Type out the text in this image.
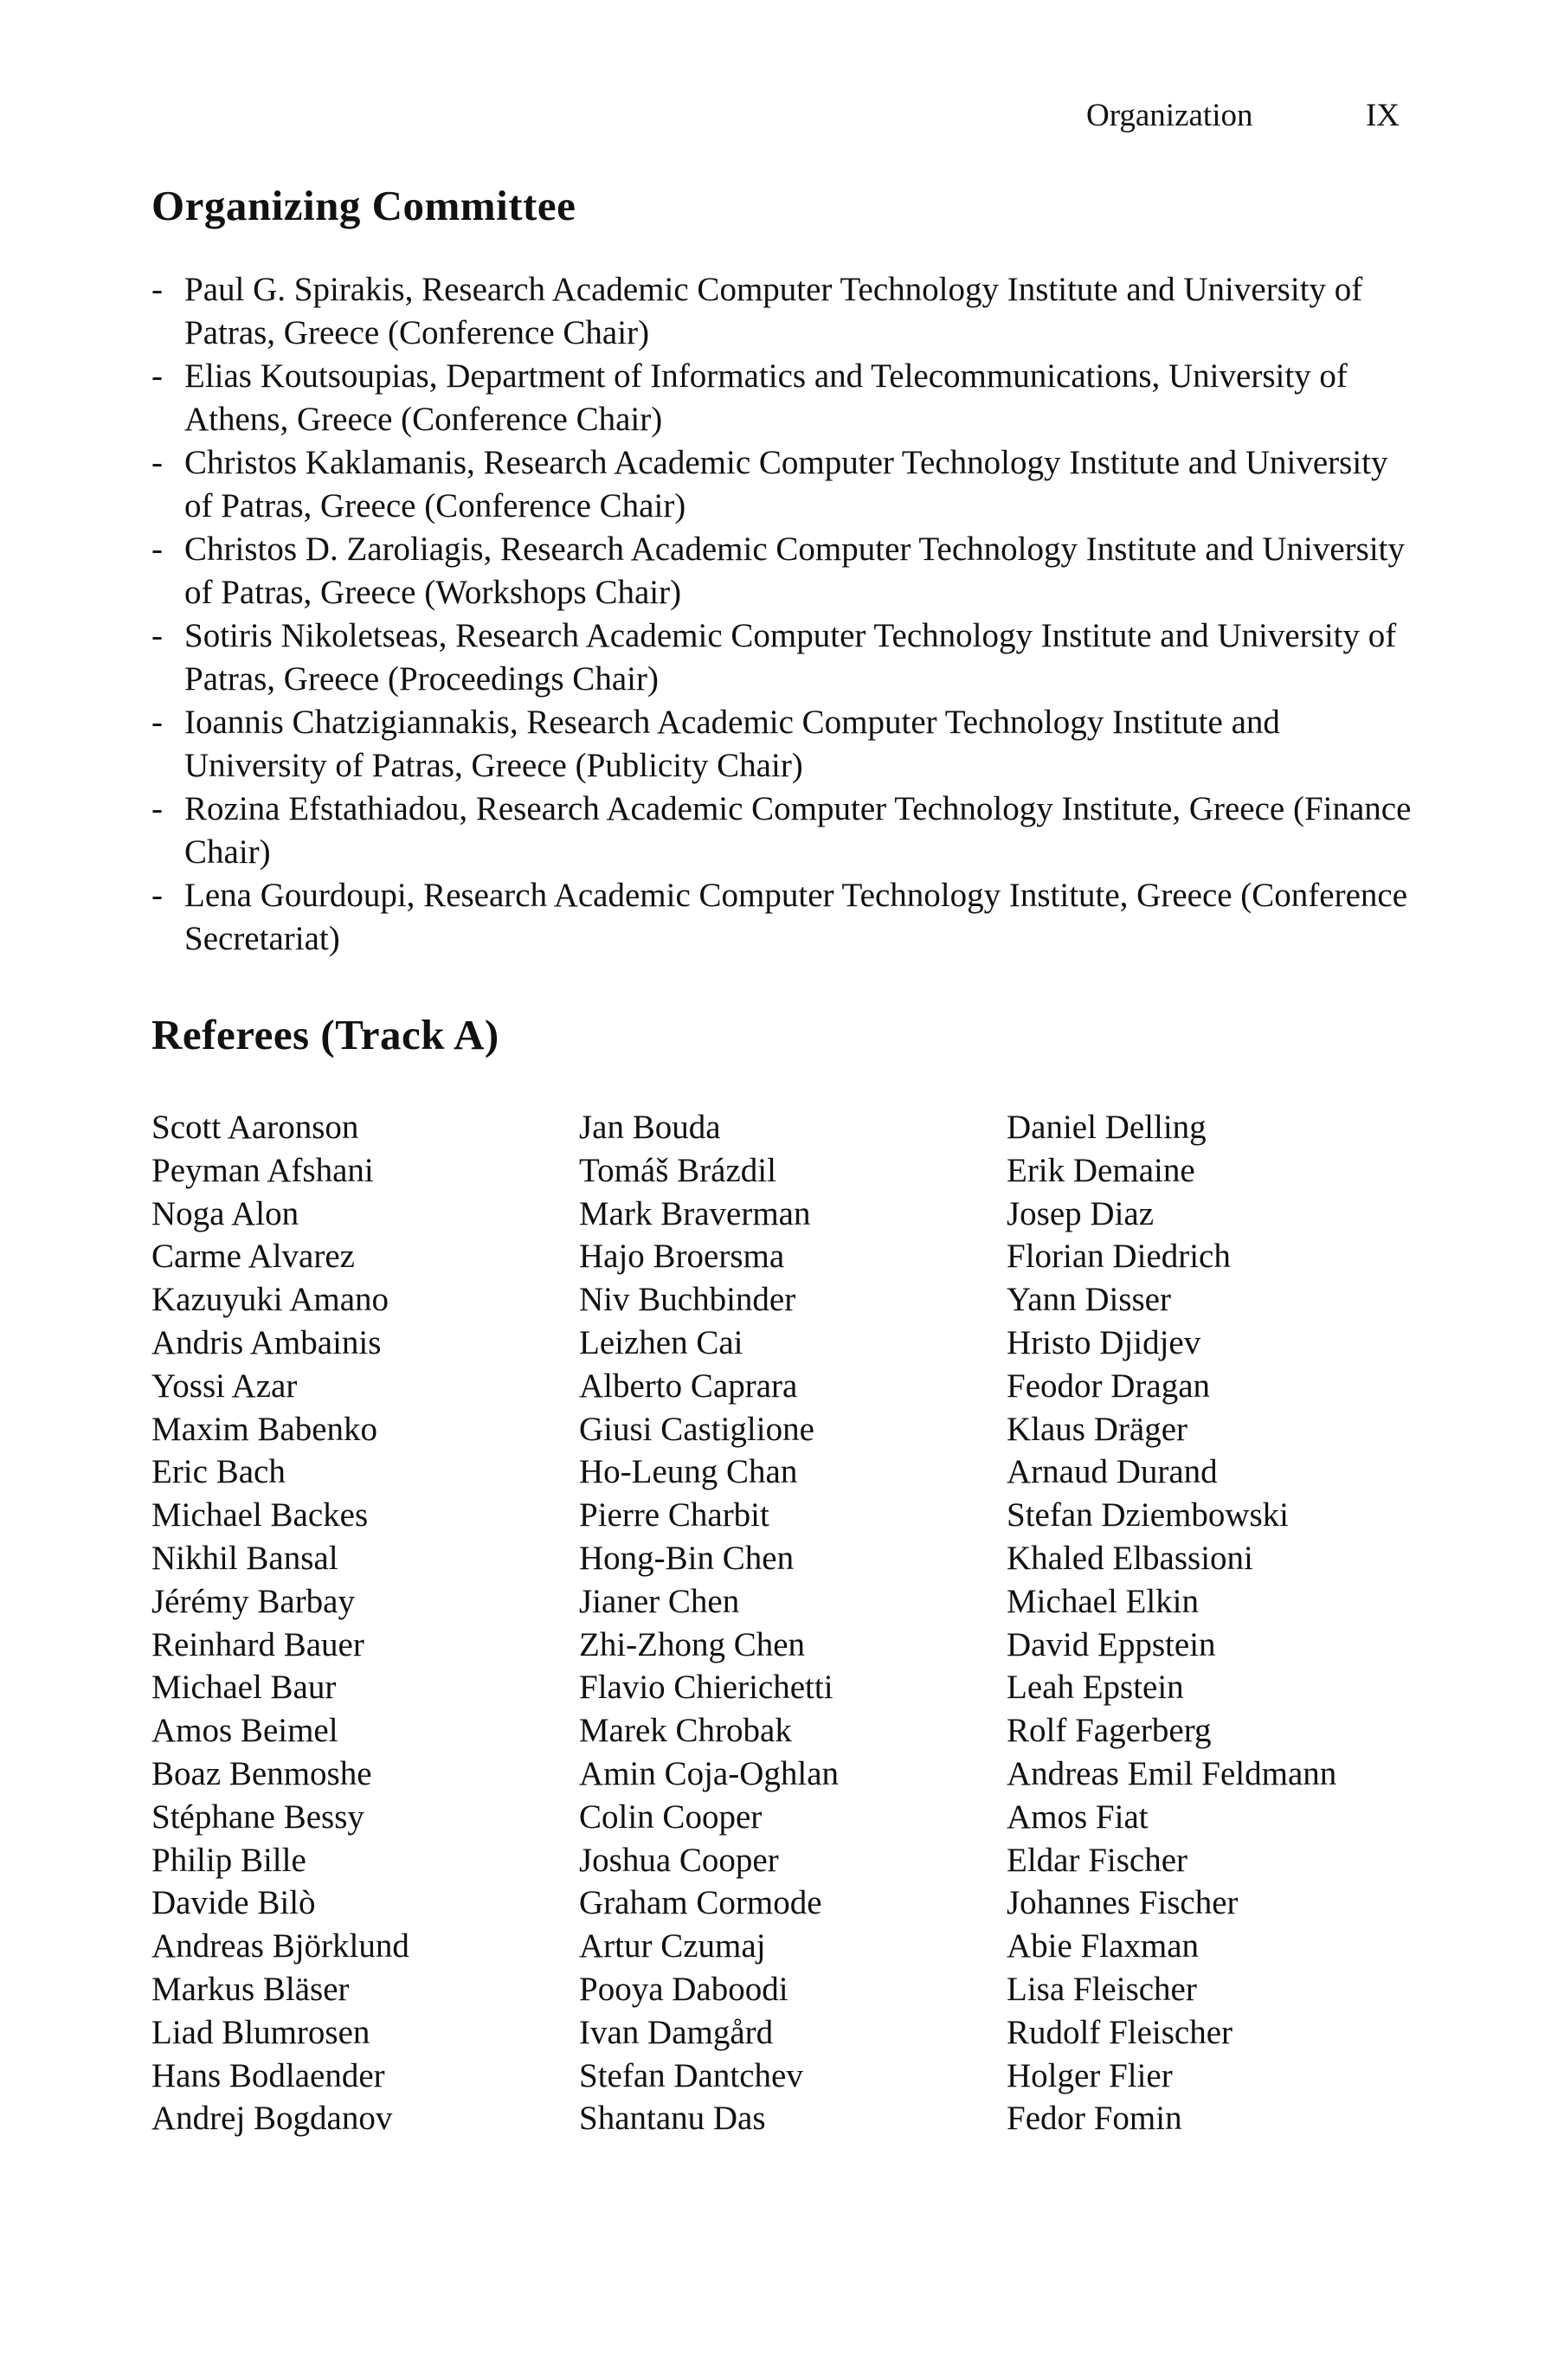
Organization	IX
Organizing Committee
- Paul G. Spirakis, Research Academic Computer Technology Institute and University of Patras, Greece (Conference Chair)
- Elias Koutsoupias, Department of Informatics and Telecommunications, University of Athens, Greece (Conference Chair)
- Christos Kaklamanis, Research Academic Computer Technology Institute and University of Patras, Greece (Conference Chair)
- Christos D. Zaroliagis, Research Academic Computer Technology Institute and University of Patras, Greece (Workshops Chair)
- Sotiris Nikoletseas, Research Academic Computer Technology Institute and University of Patras, Greece (Proceedings Chair)
- Ioannis Chatzigiannakis, Research Academic Computer Technology Institute and University of Patras, Greece (Publicity Chair)
- Rozina Efstathiadou, Research Academic Computer Technology Institute, Greece (Finance Chair)
- Lena Gourdoupi, Research Academic Computer Technology Institute, Greece (Conference Secretariat)
Referees (Track A)
Scott Aaronson
Peyman Afshani
Noga Alon
Carme Alvarez
Kazuyuki Amano
Andris Ambainis
Yossi Azar
Maxim Babenko
Eric Bach
Michael Backes
Nikhil Bansal
Jérémy Barbay
Reinhard Bauer
Michael Baur
Amos Beimel
Boaz Benmoshe
Stéphane Bessy
Philip Bille
Davide Bilò
Andreas Björklund
Markus Bläser
Liad Blumrosen
Hans Bodlaender
Andrej Bogdanov
Jan Bouda
Tomáš Brázdil
Mark Braverman
Hajo Broersma
Niv Buchbinder
Leizhen Cai
Alberto Caprara
Giusi Castiglione
Ho-Leung Chan
Pierre Charbit
Hong-Bin Chen
Jianer Chen
Zhi-Zhong Chen
Flavio Chierichetti
Marek Chrobak
Amin Coja-Oghlan
Colin Cooper
Joshua Cooper
Graham Cormode
Artur Czumaj
Pooya Daboodi
Ivan Damgård
Stefan Dantchev
Shantanu Das
Daniel Delling
Erik Demaine
Josep Diaz
Florian Diedrich
Yann Disser
Hristo Djidjev
Feodor Dragan
Klaus Dräger
Arnaud Durand
Stefan Dziembowski
Khaled Elbassioni
Michael Elkin
David Eppstein
Leah Epstein
Rolf Fagerberg
Andreas Emil Feldmann
Amos Fiat
Eldar Fischer
Johannes Fischer
Abie Flaxman
Lisa Fleischer
Rudolf Fleischer
Holger Flier
Fedor Fomin
